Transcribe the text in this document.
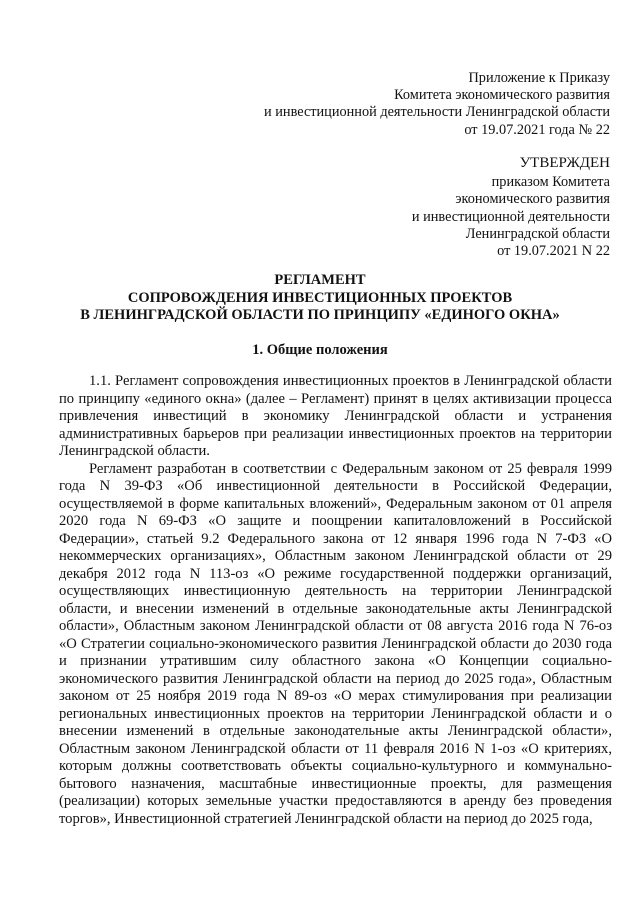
Приложение к Приказу
Комитета экономического развития
и инвестиционной деятельности Ленинградской области
от 19.07.2021 года № 22
УТВЕРЖДЕН
приказом Комитета
экономического развития
и инвестиционной деятельности
Ленинградской области
от 19.07.2021 N 22
РЕГЛАМЕНТ
СОПРОВОЖДЕНИЯ ИНВЕСТИЦИОННЫХ ПРОЕКТОВ
В ЛЕНИНГРАДСКОЙ ОБЛАСТИ ПО ПРИНЦИПУ «ЕДИНОГО ОКНА»
1. Общие положения

1.1. Регламент сопровождения инвестиционных проектов в Ленинградской области по принципу «единого окна» (далее – Регламент) принят в целях активизации процесса привлечения инвестиций в экономику Ленинградской области и устранения административных барьеров при реализации инвестиционных проектов на территории Ленинградской области.

Регламент разработан в соответствии с Федеральным законом от 25 февраля 1999 года N 39-ФЗ «Об инвестиционной деятельности в Российской Федерации, осуществляемой в форме капитальных вложений», Федеральным законом от 01 апреля 2020 года N 69-ФЗ «О защите и поощрении капиталовложений в Российской Федерации», статьей 9.2 Федерального закона от 12 января 1996 года N 7-ФЗ «О некоммерческих организациях», Областным законом Ленинградской области от 29 декабря 2012 года N 113-оз «О режиме государственной поддержки организаций, осуществляющих инвестиционную деятельность на территории Ленинградской области, и внесении изменений в отдельные законодательные акты Ленинградской области», Областным законом Ленинградской области от 08 августа 2016 года N 76-оз «О Стратегии социально-экономического развития Ленинградской области до 2030 года и признании утратившим силу областного закона «О Концепции социально-экономического развития Ленинградской области на период до 2025 года», Областным законом от 25 ноября 2019 года N 89-оз «О мерах стимулирования при реализации региональных инвестиционных проектов на территории Ленинградской области и о внесении изменений в отдельные законодательные акты Ленинградской области», Областным законом Ленинградской области от 11 февраля 2016 N 1-оз «О критериях, которым должны соответствовать объекты социально-культурного и коммунально-бытового назначения, масштабные инвестиционные проекты, для размещения (реализации) которых земельные участки предоставляются в аренду без проведения торгов», Инвестиционной стратегией Ленинградской области на период до 2025 года,
